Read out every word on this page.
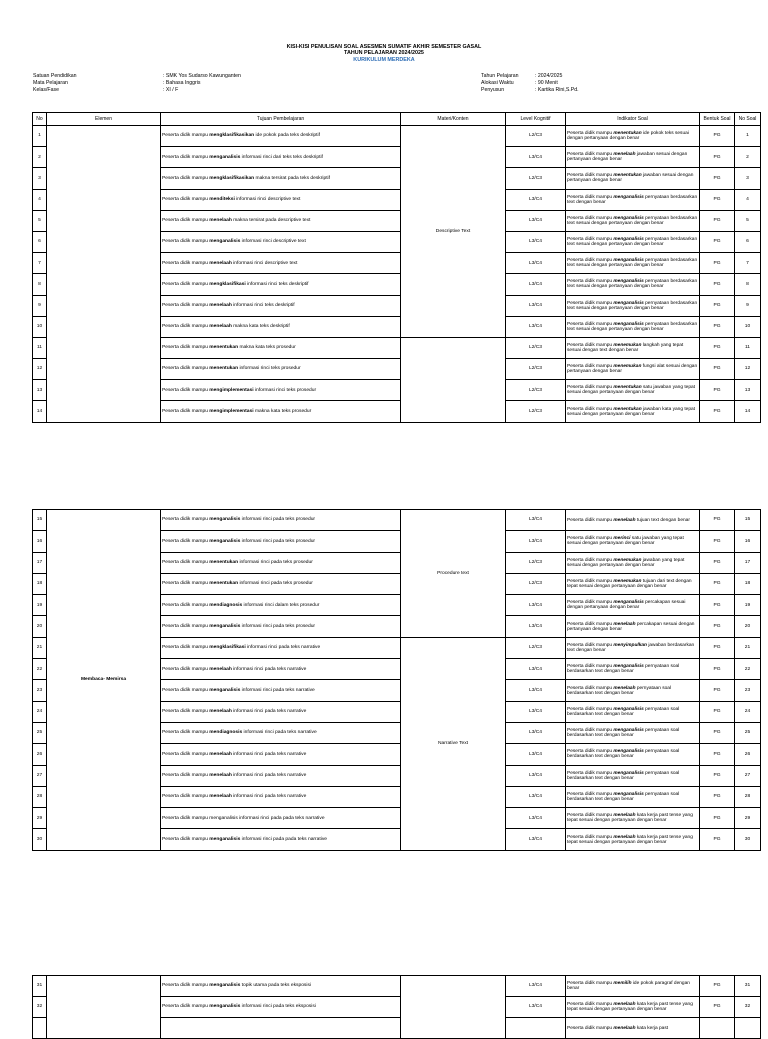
KISI-KISI PENULISAN SOAL ASESMEN SUMATIF AKHIR SEMESTER GASAL
TAHUN PELAJARAN 2024/2025
KURIKULUM MERDEKA
Satuan Pendidikan
Mata Pelajaran
Kelas/Fase
: SMK Yos Sudarso Kawunganten
: Bahasa Inggris
: XI / F
Tahun Pelajaran
Alokasi Waktu
Penyusun
: 2024/2025
: 90 Menit
: Kartika Rini,S.Pd.
No	Elemen	Tujuan Pembelajaran	Materi/Konten	Level Kognitif	Indikator Soal	Bentuk Soal	No Soal
1		Peserta didik mampu mengklasifikasikan ide pokok pada teks deskriptif	Descriptive Text	L2/C3	Peserta didik mampu menentukan ide pokok teks sesuai dengan pertanyaan dengan benar	PG	1
2		Peserta didik mampu menganalisis informasi rinci dari teks teks deskriptif		L3/C4	Peserta didik mampu menelaah jawaban sesuai dengan pertanyaan dengan benar	PG	2
3		Peserta didik mampu mengklasifikasikan makna tersirat pada teks deskriptif		L2/C3	Peserta didik mampu menentukan jawaban sesuai dengan pertanyaan dengan benar	PG	3
4		Peserta didik mampu menditeksi informasi rinci descriptive text		L3/C4	Peserta didik mampu menganalisis pernyataan berdasarkan text dengan benar	PG	4
5		Peserta didik mampu menelaah makna tersirat pada descriptive text		L3/C4	Peserta didik mampu menganalisis pernyataan berdasarkan text sesuai dengan pertanyaan dengan benar	PG	5
6		Peserta didik mampu menganalisis informasi rinci descriptive text		L3/C4	Peserta didik mampu menganalisis pernyataan berdasarkan text sesuai dengan pertanyaan dengan benar	PG	6
7		Peserta didik mampu menelaah informasi rinci descriptive text		L3/C4	Peserta didik mampu menganalisis pernyataan berdasarkan text sesuai dengan pertanyaan dengan benar	PG	7
8		Peserta didik mampu mengklasifikasi informasi rinci teks deskriptif		L3/C4	Peserta didik mampu menganalisis pernyataan berdasarkan text sesuai dengan pertanyaan dengan benar	PG	8
9		Peserta didik mampu menelaah informasi rinci teks deskriptif		L3/C4	Peserta didik mampu menganalisis pernyataan berdasarkan text sesuai dengan pertanyaan dengan benar	PG	9
10		Peserta didik mampu menelaah makna kata teks deskriptif		L3/C4	Peserta didik mampu menganalisis pernyataan berdasarkan text sesuai dengan pertanyaan dengan benar	PG	10
11		Peserta didik mampu menentukan makna kata teks prosedur		L2/C3	Peserta didik mampu menemukan langkah yang tepat sesuai dengan text dengan benar	PG	11
12		Peserta didik mampu menentukan informasi rinci teks prosedur		L2/C3	Peserta didik mampu menemukan fungsi alat sesuai dengan pertanyaan dengan benar	PG	12
13		Peserta didik mampu mengimplementasi informasi rinci teks prosedur		L2/C3	Peserta didik mampu menentukan satu jawaban yang tepat sesuai dengan pertanyaan dengan benar	PG	13
14		Peserta didik mampu mengimplementasi makna kata teks prosedur		L2/C3	Peserta didik mampu menentukan jawaban kata yang tepat sesuai dengan pertanyaan dengan benar	PG	14
15	Membaca- Memirsa	Peserta didik mampu menganalisis informasi rinci pada teks prosedur	Procedure text	L3/C4	Peserta didik mampu menelaah tujuan text dengan benar	PG	15
16		Peserta didik mampu menganalisis informasi rinci pada teks prosedur		L3/C4	Peserta didik mampu merinci satu jawaban yang tepat sesuai dengan pertanyaan dengan benar	PG	16
17		Peserta didik mampu menentukan informasi rinci pada teks prosedur		L2/C3	Peserta didik mampu menemukan jawaban yang tepat sesuai dengan pertanyaan dengan benar	PG	17
18		Peserta didik mampu menentukan informasi rinci pada teks prosedur		L2/C3	Peserta didik mampu menemukan tujuan dari text dengan tepat sesuai dengan pertanyaan dengan benar	PG	18
19		Peserta didik mampu mendiagnosis informasi rinci dalam teks prosedur		L3/C4	Peserta didik mampu menganalisis percakapan sesuai dengan pertanyaan dengan benar	PG	19
20		Peserta didik mampu menganalisis informasi rinci pada teks prosedur		L3/C4	Peserta didik mampu menelaah percakapan sesuai dengan pertanyaan dengan benar	PG	20
21		Peserta didik mampu mengklasifikasi informasi rinci pada teks narrative	Narrative Text	L2/C3	Peserta didik mampu menyimpulkan jawaban berdasarkan text dengan benar	PG	21
22		Peserta didik mampu menelaah informasi rinci pada teks narrative		L3/C4	Peserta didik mampu menganalisis pernyataan soal berdasarkan text dengan benar	PG	22
23		Peserta didik mampu menganalisis informasi rinci pada teks narrative		L3/C4	Peserta didik mampu menelaah pernyataan soal berdasarkan text dengan benar	PG	23
24		Peserta didik mampu menelaah informasi rinci pada teks narrative		L3/C4	Peserta didik mampu menganalisis pernyataan soal berdasarkan text dengan benar	PG	24
25		Peserta didik mampu mendiagnosis informasi rinci pada teks narrative		L3/C4	Peserta didik mampu menganalisis pernyataan soal berdasarkan text dengan benar	PG	25
26		Peserta didik mampu menelaah informasi rinci pada teks narrative		L3/C4	Peserta didik mampu menganalisis pernyataan soal berdasarkan text dengan benar	PG	26
27		Peserta didik mampu menelaah informasi rinci pada teks narrative		L3/C4	Peserta didik mampu menganalisis pernyataan soal berdasarkan text dengan benar	PG	27
28		Peserta didik mampu menelaah informasi rinci pada teks narrative		L3/C4	Peserta didik mampu menganalisis pernyataan soal berdasarkan text dengan benar	PG	28
29		Peserta didik mampu menganalisis informasi rinci pada pada teks narrative		L3/C4	Peserta didik mampu menelaah kata kerja past tense yang tepat sesuai dengan pertanyaan dengan benar	PG	29
30		Peserta didik mampu menganalisis informasi rinci pada pada teks narrative		L3/C4	Peserta didik mampu menelaah kata kerja past tense yang tepat sesuai dengan pertanyaan dengan benar	PG	30
31		Peserta didik mampu menganalisis topik utama pada teks eksposisi		L3/C4	Peserta didik mampu memilih ide pokok paragraf dengan benar	PG	31
32		Peserta didik mampu menganalisis informasi rinci pada teks eksposisi		L3/C4	Peserta didik mampu menelaah kata kerja past tense yang tepat sesuai dengan pertanyaan dengan benar	PG	32
					Peserta didik mampu menelaah kata kerja past		
